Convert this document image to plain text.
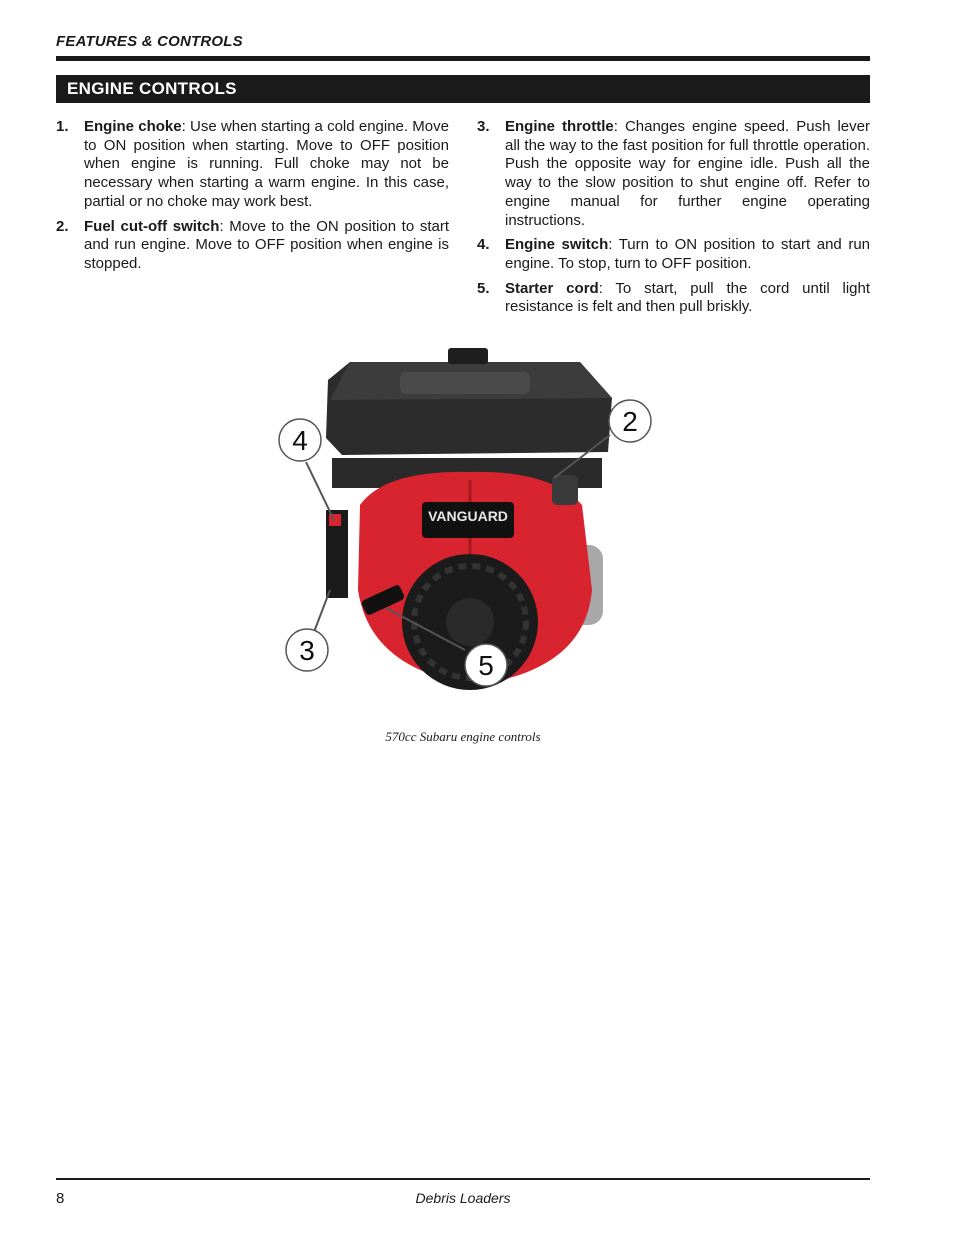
FEATURES & CONTROLS
ENGINE CONTROLS
1. Engine choke: Use when starting a cold engine. Move to ON position when starting. Move to OFF position when engine is running. Full choke may not be necessary when starting a warm engine. In this case, partial or no choke may work best.
2. Fuel cut-off switch: Move to the ON position to start and run engine. Move to OFF position when engine is stopped.
3. Engine throttle: Changes engine speed. Push lever all the way to the fast position for full throttle operation. Push the opposite way for engine idle. Push all the way to the slow position to shut engine off. Refer to engine manual for further engine operating instructions.
4. Engine switch: Turn to ON position to start and run engine. To stop, turn to OFF position.
5. Starter cord: To start, pull the cord until light resistance is felt and then pull briskly.
VANGUARD
4
2
3	5
570cc Subaru engine controls
8	Debris Loaders
